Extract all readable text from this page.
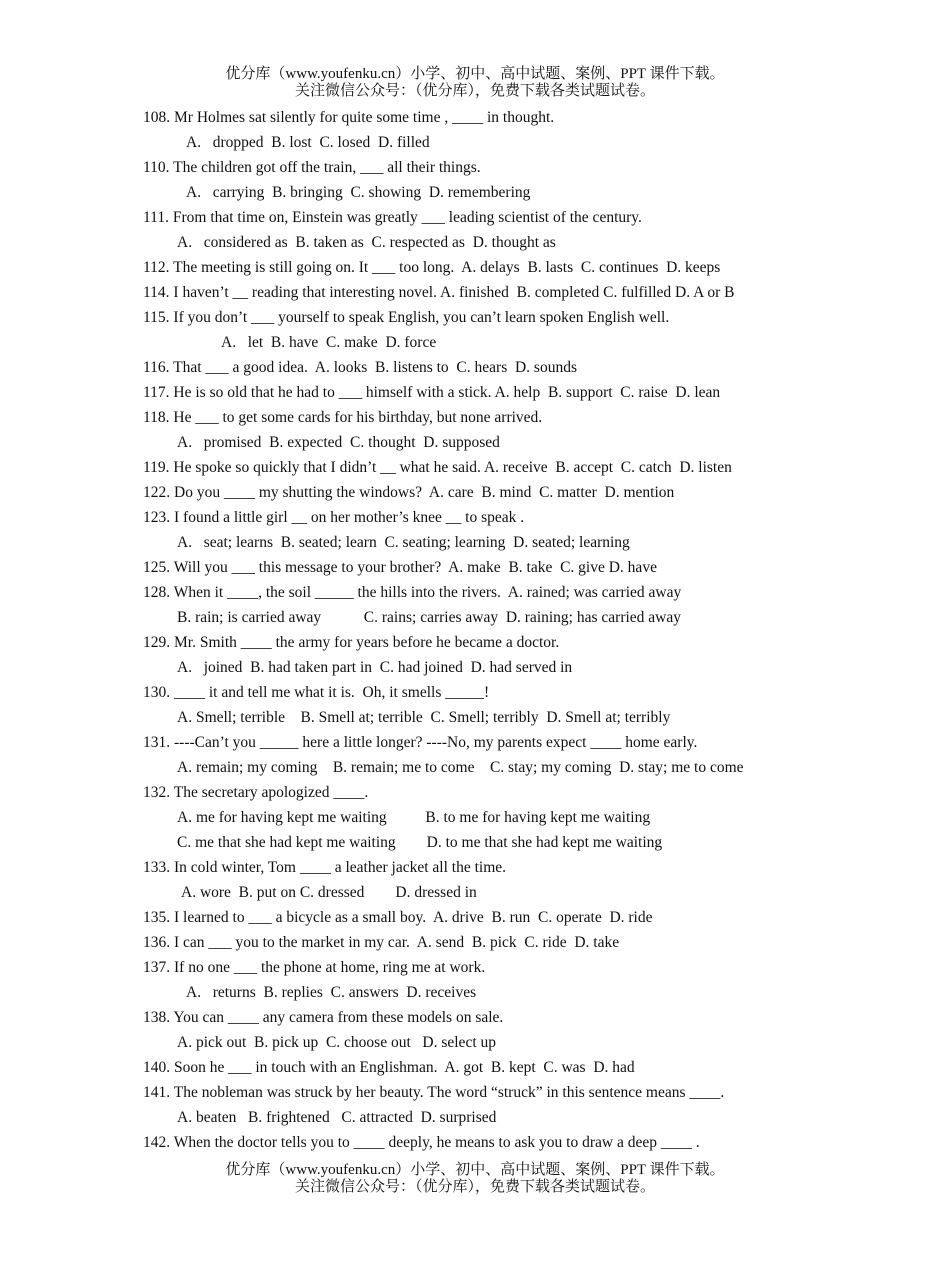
优分库（www.youfenku.cn）小学、初中、高中试题、案例、PPT 课件下载。
关注微信公众号：（优分库），免费下载各类试题试卷。
108. Mr Holmes sat silently for quite some time , ____ in thought.
A.   dropped  B. lost  C. losed  D. filled
110. The children got off the train, ___ all their things.
A.   carrying  B. bringing  C. showing  D. remembering
111. From that time on, Einstein was greatly ___ leading scientist of the century.
A.   considered as  B. taken as  C. respected as  D. thought as
112. The meeting is still going on. It ___ too long.  A. delays  B. lasts  C. continues  D. keeps
114. I haven’t __ reading that interesting novel. A. finished  B. completed C. fulfilled D. A or B
115. If you don’t ___ yourself to speak English, you can’t learn spoken English well.
A.   let  B. have  C. make  D. force
116. That ___ a good idea.  A. looks  B. listens to  C. hears  D. sounds
117. He is so old that he had to ___ himself with a stick. A. help  B. support  C. raise  D. lean
118. He ___ to get some cards for his birthday, but none arrived.
A.   promised  B. expected  C. thought  D. supposed
119. He spoke so quickly that I didn’t __ what he said. A. receive  B. accept  C. catch  D. listen
122. Do you ____ my shutting the windows?  A. care  B. mind  C. matter  D. mention
123. I found a little girl __ on her mother’s knee __ to speak .
A.   seat; learns  B. seated; learn  C. seating; learning  D. seated; learning
125. Will you ___ this message to your brother?  A. make  B. take  C. give D. have
128. When it ____, the soil _____ the hills into the rivers.  A. rained; was carried away
B. rain; is carried away           C. rains; carries away  D. raining; has carried away
129. Mr. Smith ____ the army for years before he became a doctor.
A.   joined  B. had taken part in  C. had joined  D. had served in
130. ____ it and tell me what it is.  Oh, it smells _____!
A. Smell; terrible    B. Smell at; terrible  C. Smell; terribly  D. Smell at; terribly
131. ----Can’t you _____ here a little longer? ----No, my parents expect ____ home early.
A. remain; my coming    B. remain; me to come    C. stay; my coming  D. stay; me to come
132. The secretary apologized ____.
A. me for having kept me waiting          B. to me for having kept me waiting
C. me that she had kept me waiting        D. to me that she had kept me waiting
133. In cold winter, Tom ____ a leather jacket all the time.
A. wore  B. put on C. dressed        D. dressed in
135. I learned to ___ a bicycle as a small boy.  A. drive  B. run  C. operate  D. ride
136. I can ___ you to the market in my car.  A. send  B. pick  C. ride  D. take
137. If no one ___ the phone at home, ring me at work.
A.   returns  B. replies  C. answers  D. receives
138. You can ____ any camera from these models on sale.
A. pick out  B. pick up  C. choose out   D. select up
140. Soon he ___ in touch with an Englishman.  A. got  B. kept  C. was  D. had
141. The nobleman was struck by her beauty. The word “struck” in this sentence means ____.
A. beaten   B. frightened   C. attracted  D. surprised
142. When the doctor tells you to ____ deeply, he means to ask you to draw a deep ____ .
优分库（www.youfenku.cn）小学、初中、高中试题、案例、PPT 课件下载。
关注微信公众号：（优分库），免费下载各类试题试卷。
